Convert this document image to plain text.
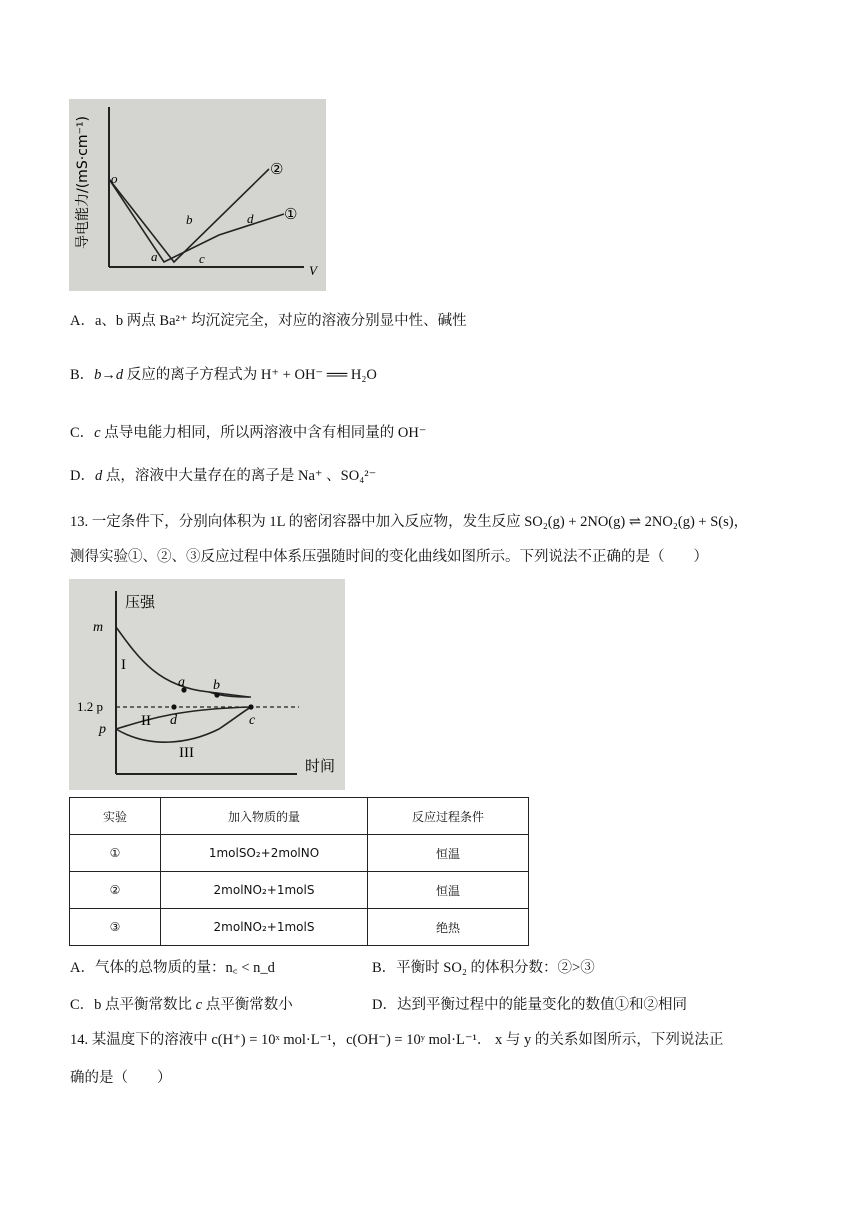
导电能力/(mS·cm⁻¹)
V
o
a
b
c
d ①
②
A．a、b 两点 Ba²⁺ 均沉淀完全，对应的溶液分别显中性、碱性
B．b→d 反应的离子方程式为 H⁺ + OH⁻ ══ H₂O
C．c 点导电能力相同，所以两溶液中含有相同量的 OH⁻
D．d 点，溶液中大量存在的离子是 Na⁺ 、SO₄²⁻
13. 一定条件下，分别向体积为 1L 的密闭容器中加入反应物，发生反应 SO₂(g) + 2NO(g) ⇌ 2NO₂(g) + S(s)，
测得实验①、②、③反应过程中体系压强随时间的变化曲线如图所示。下列说法不正确的是（　　）
压强
时间
m
1.2 p
p
a b
c
d
I
II
III
实验	加入物质的量	反应过程条件
①	1molSO₂+2molNO	恒温
②	2molNO₂+1molS	恒温
③	2molNO₂+1molS	绝热
A．气体的总物质的量：n꜀ < n_d	B．平衡时 SO₂ 的体积分数：②>③
C．b 点平衡常数比 c 点平衡常数小	D．达到平衡过程中的能量变化的数值①和②相同
14. 某温度下的溶液中 c(H⁺) = 10ˣ mol·L⁻¹，c(OH⁻) = 10ʸ mol·L⁻¹． x 与 y 的关系如图所示，下列说法正
确的是（　　）
